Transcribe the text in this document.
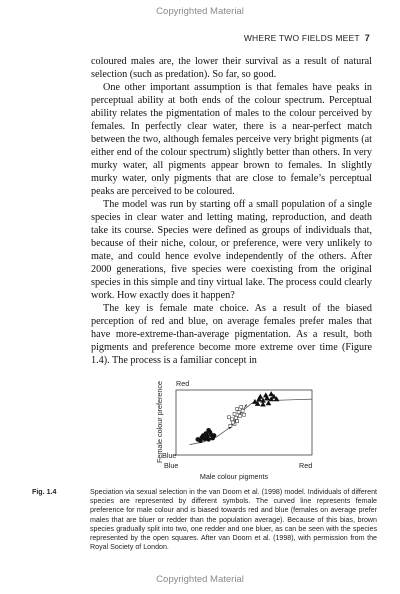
Copyrighted Material
WHERE TWO FIELDS MEET 7

coloured males are, the lower their survival as a result of natural selection (such as predation). So far, so good.

One other important assumption is that females have peaks in perceptual ability at both ends of the colour spectrum. Perceptual ability relates the pigmentation of males to the colour perceived by females. In perfectly clear water, there is a near-perfect match between the two, although females perceive very bright pigments (at either end of the colour spectrum) slightly better than others. In very murky water, all pigments appear brown to females. In slightly murky water, only pigments that are close to female’s perceptual peaks are perceived to be coloured.

The model was run by starting off a small population of a single species in clear water and letting mating, reproduction, and death take its course. Species were defined as groups of individuals that, because of their niche, colour, or preference, were very unlikely to mate, and could hence evolve independently of the others. After 2000 generations, five species were coexisting from the original species in this simple and tiny virtual lake. The process could clearly work. How exactly does it happen?

The key is female mate choice. As a result of the biased perception of red and blue, on average females prefer males that have more-extreme-than-average pigmentation. As a result, both pigments and preference become more extreme over time (Figure 1.4). The process is a familiar concept in

Red
Blue
Blue	Red
Male colour pigments
Female colour preference
Fig. 1.4	Speciation via sexual selection in the van Doorn et al. (1998) model. Individuals of different species are represented by different symbols. The curved line represents female preference for male colour and is biased towards red and blue (females on average prefer males that are bluer or redder than the population average). Because of this bias, brown species gradually split into two, one redder and one bluer, as can be seen with the species represented by the open squares. After van Doorn et al. (1998), with permission from the Royal Society of London.
Copyrighted Material
